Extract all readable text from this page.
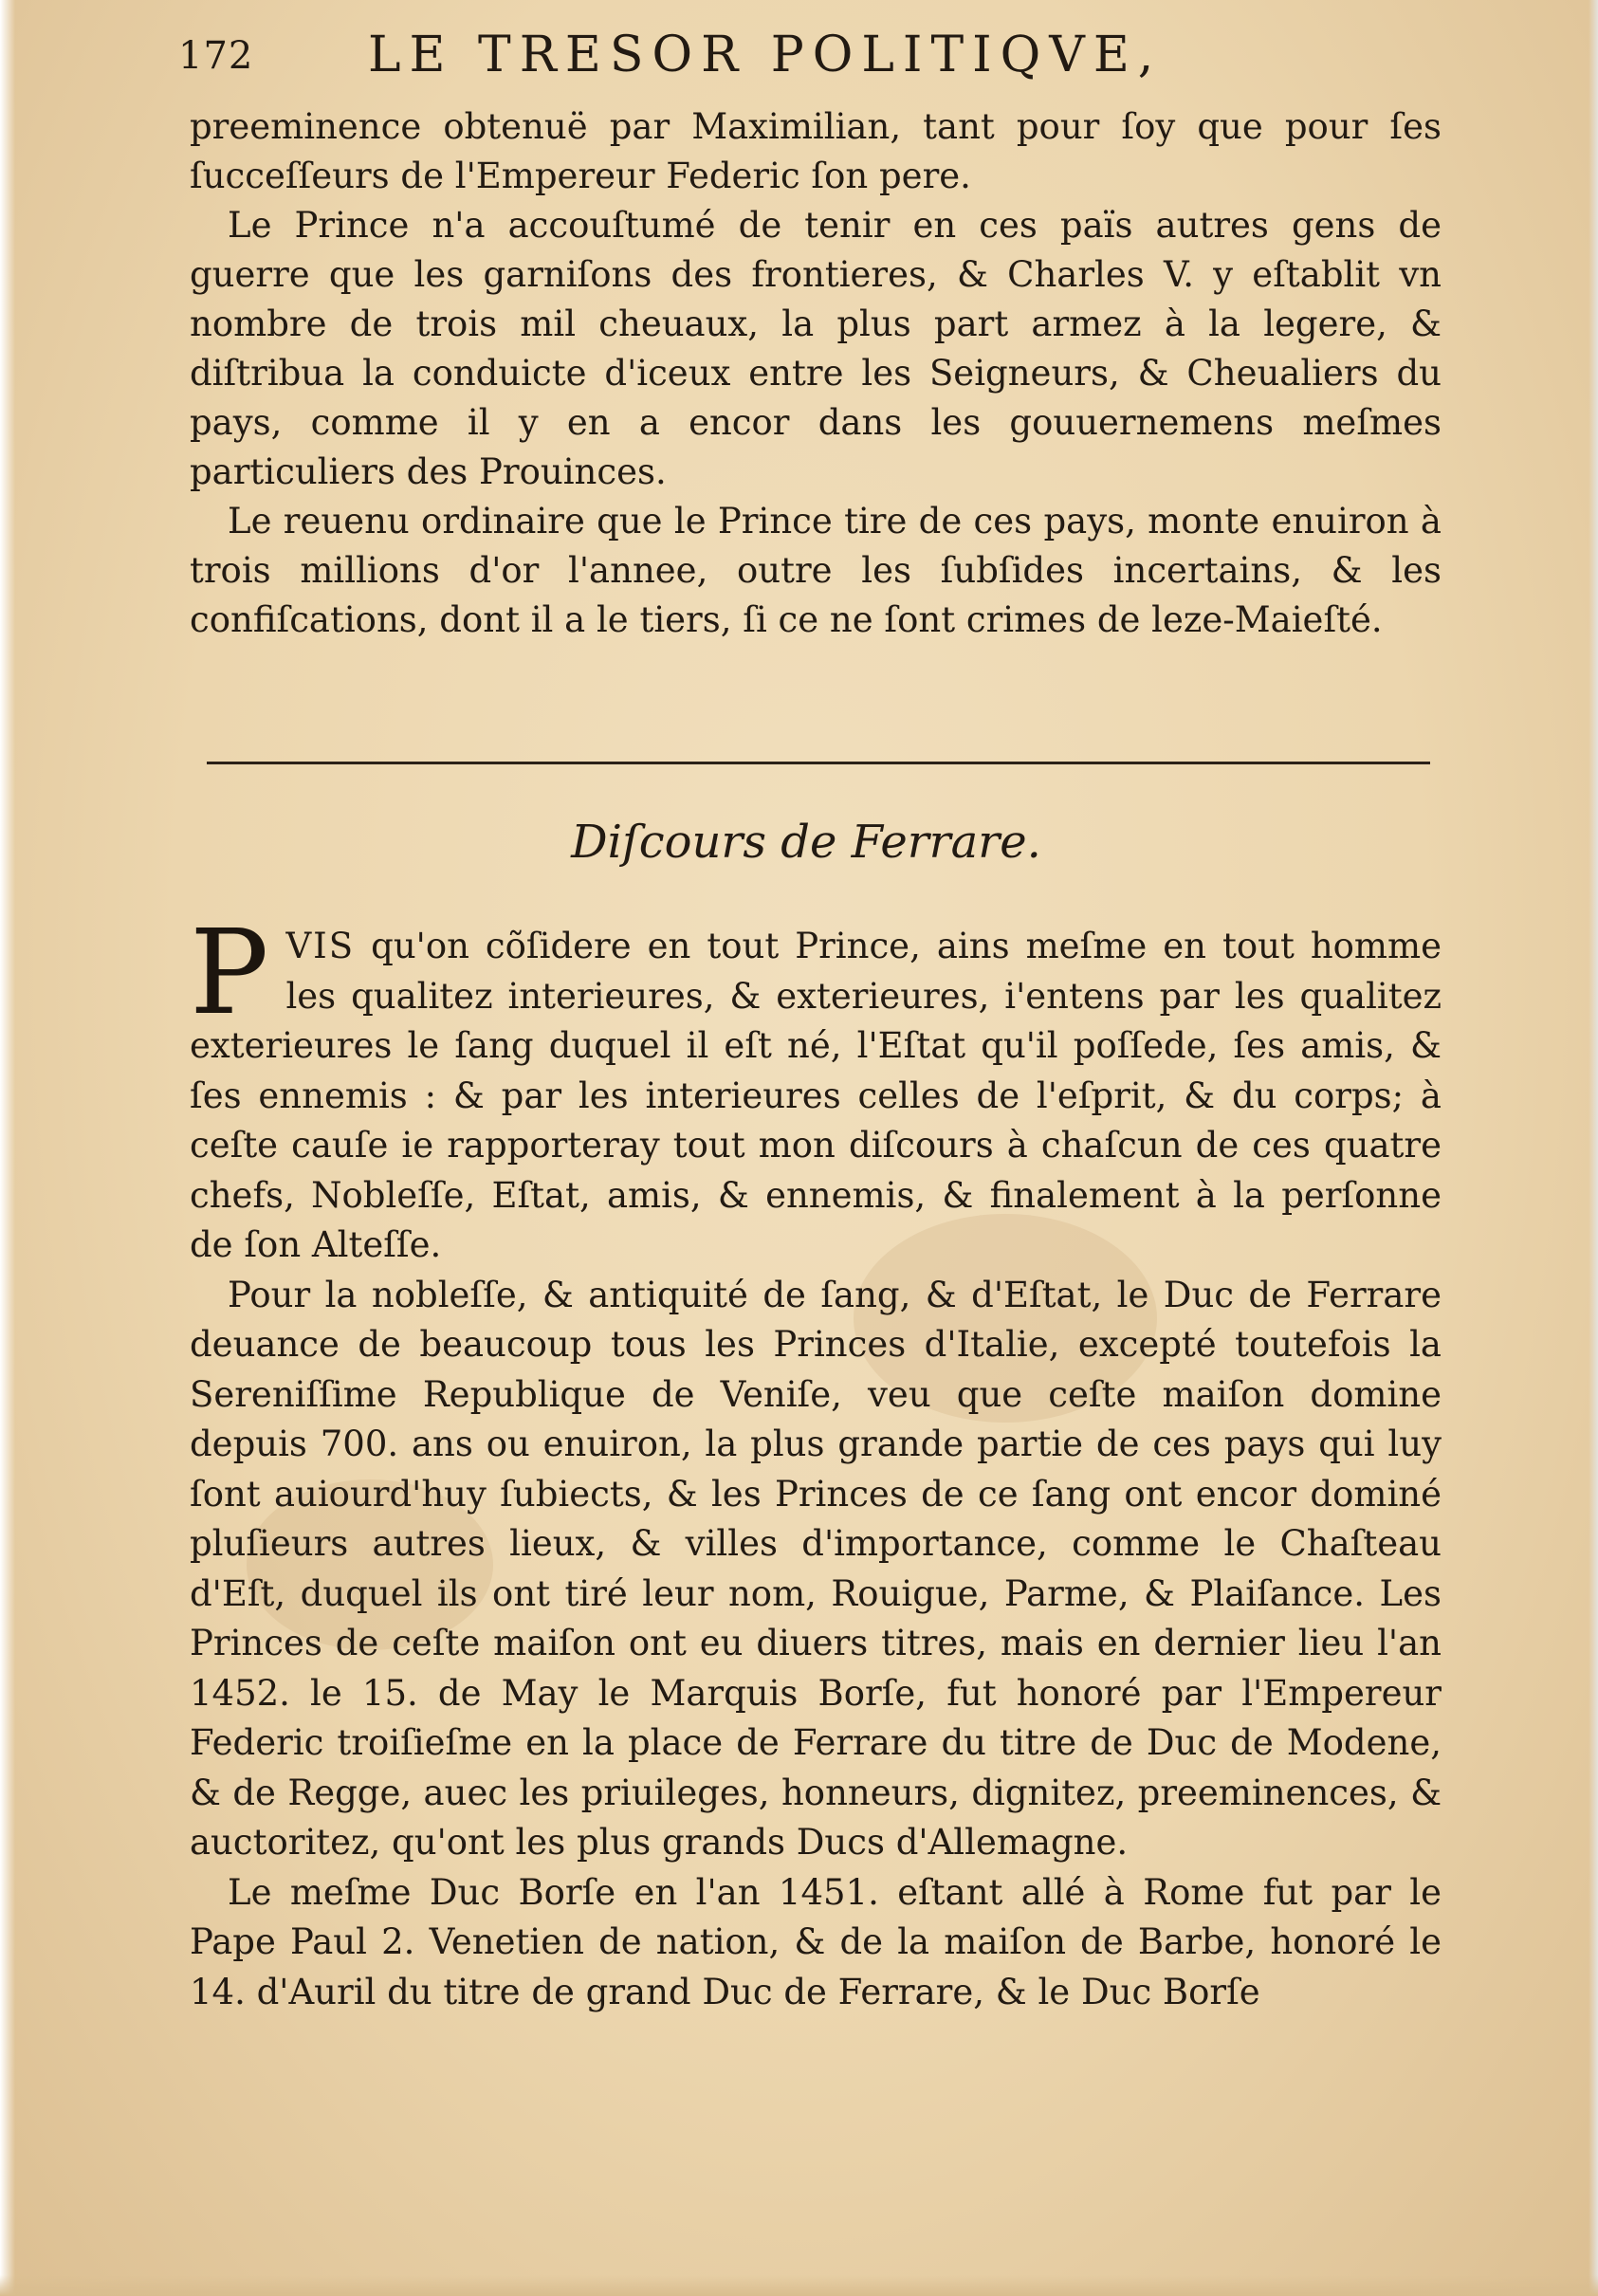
172 LE TRESOR POLITIQVE,

preeminence obtenuë par Maximilian, tant pour ſoy que pour ſes ſucceſſeurs de l'Empereur Federic ſon pere.

Le Prince n'a accouſtumé de tenir en ces païs autres gens de guerre que les garniſons des frontieres, & Charles V. y eſtablit vn nombre de trois mil cheuaux, la plus part armez à la legere, & diſtribua la conduicte d'iceux entre les Seigneurs, & Cheualiers du pays, comme il y en a encor dans les gouuernemens meſmes particuliers des Prouinces.

Le reuenu ordinaire que le Prince tire de ces pays, monte enuiron à trois millions d'or l'annee, outre les ſubſides incertains, & les confiſcations, dont il a le tiers, ſi ce ne ſont crimes de leze-Maieſté.

Diſcours de Ferrare.

PVIS qu'on cõſidere en tout Prince, ains meſme en tout homme les qualitez interieures, & exterieures, i'entens par les qualitez exterieures le ſang duquel il eſt né, l'Eſtat qu'il poſſede, ſes amis, & ſes ennemis : & par les interieures celles de l'eſprit, & du corps; à ceſte cauſe ie rapporteray tout mon diſcours à chaſcun de ces quatre chefs, Nobleſſe, Eſtat, amis, & ennemis, & finalement à la perſonne de ſon Alteſſe.

Pour la nobleſſe, & antiquité de ſang, & d'Eſtat, le Duc de Ferrare deuance de beaucoup tous les Princes d'Italie, excepté toutefois la Sereniſſime Republique de Veniſe, veu que ceſte maiſon domine depuis 700. ans ou enuiron, la plus grande partie de ces pays qui luy ſont auiourd'huy ſubiects, & les Princes de ce ſang ont encor dominé pluſieurs autres lieux, & villes d'importance, comme le Chaſteau d'Eſt, duquel ils ont tiré leur nom, Rouigue, Parme, & Plaiſance. Les Princes de ceſte maiſon ont eu diuers titres, mais en dernier lieu l'an 1452. le 15. de May le Marquis Borſe, fut honoré par l'Empereur Federic troiſieſme en la place de Ferrare du titre de Duc de Modene, & de Regge, auec les priuileges, honneurs, dignitez, preeminences, & auctoritez, qu'ont les plus grands Ducs d'Allemagne.

Le meſme Duc Borſe en l'an 1451. eſtant allé à Rome fut par le Pape Paul 2. Venetien de nation, & de la maiſon de Barbe, honoré le 14. d'Auril du titre de grand Duc de Ferrare, & le Duc Borſe
